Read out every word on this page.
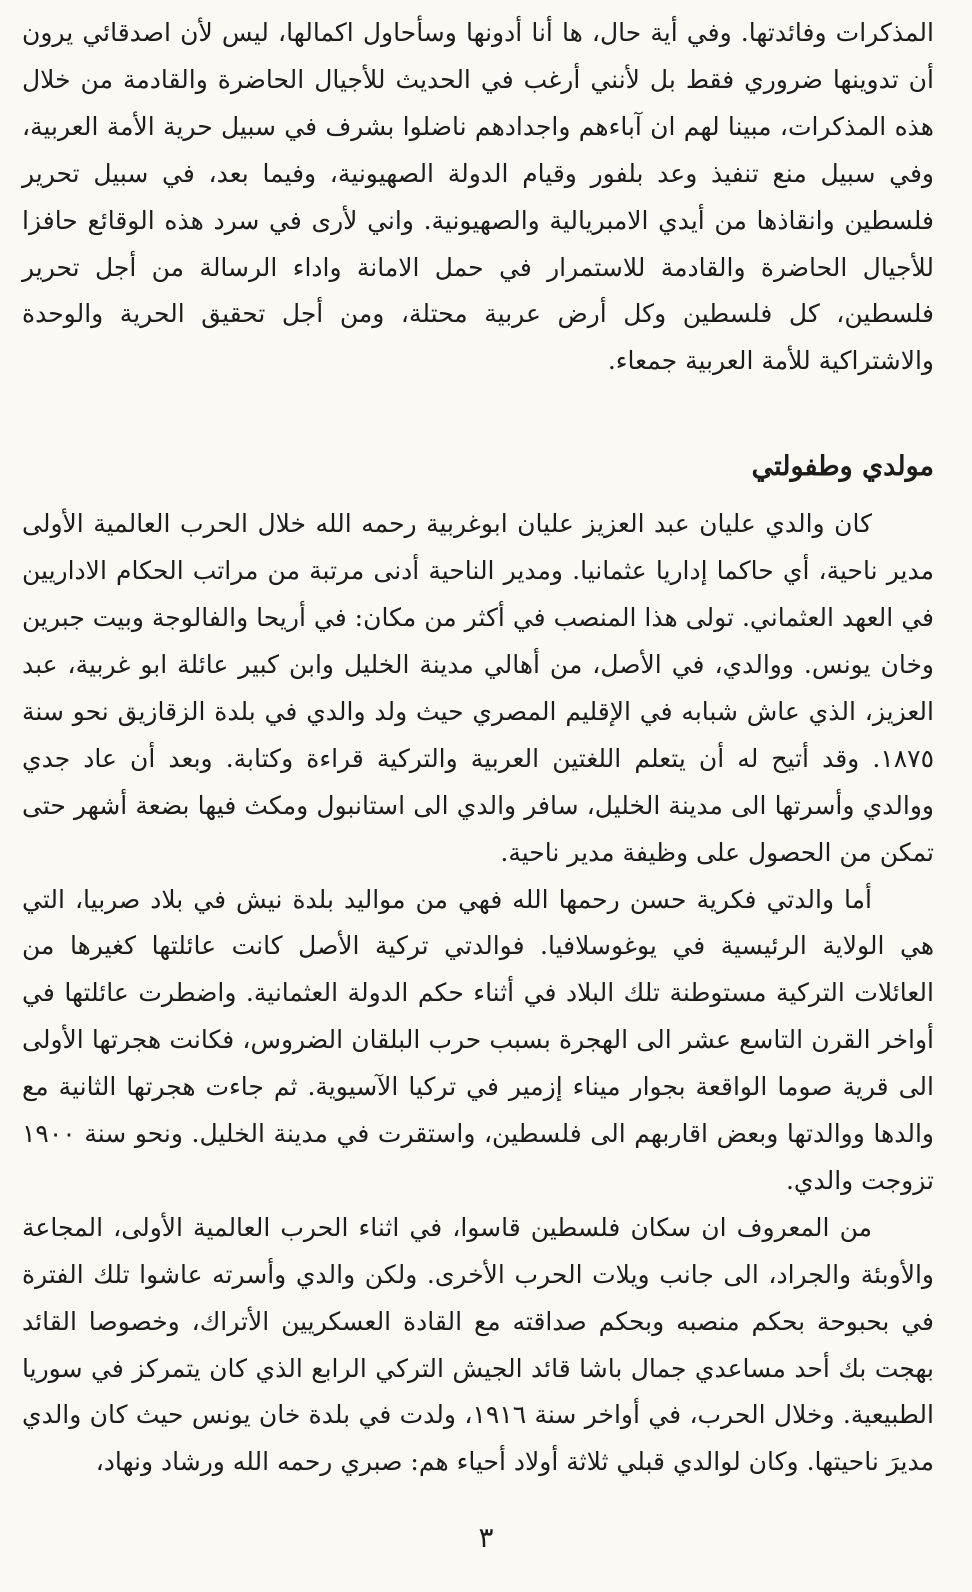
المذكرات وفائدتها. وفي أية حال، ها أنا أدونها وسأحاول اكمالها، ليس لأن اصدقائي يرون أن تدوينها ضروري فقط بل لأنني أرغب في الحديث للأجيال الحاضرة والقادمة من خلال هذه المذكرات، مبينا لهم ان آباءهم واجدادهم ناضلوا بشرف في سبيل حرية الأمة العربية، وفي سبيل منع تنفيذ وعد بلفور وقيام الدولة الصهيونية، وفيما بعد، في سبيل تحرير فلسطين وانقاذها من أيدي الامبريالية والصهيونية. واني لأرى في سرد هذه الوقائع حافزا للأجيال الحاضرة والقادمة للاستمرار في حمل الامانة واداء الرسالة من أجل تحرير فلسطين، كل فلسطين وكل أرض عربية محتلة، ومن أجل تحقيق الحرية والوحدة والاشتراكية للأمة العربية جمعاء.

مولدي وطفولتي

كان والدي عليان عبد العزيز عليان ابوغربية رحمه الله خلال الحرب العالمية الأولى مدير ناحية، أي حاكما إداريا عثمانيا. ومدير الناحية أدنى مرتبة من مراتب الحكام الاداريين في العهد العثماني. تولى هذا المنصب في أكثر من مكان: في أريحا والفالوجة وبيت جبرين وخان يونس. ووالدي، في الأصل، من أهالي مدينة الخليل وابن كبير عائلة ابو غربية، عبد العزيز، الذي عاش شبابه في الإقليم المصري حيث ولد والدي في بلدة الزقازيق نحو سنة ١٨٧٥. وقد أتيح له أن يتعلم اللغتين العربية والتركية قراءة وكتابة. وبعد أن عاد جدي ووالدي وأسرتها الى مدينة الخليل، سافر والدي الى استانبول ومكث فيها بضعة أشهر حتى تمكن من الحصول على وظيفة مدير ناحية.

أما والدتي فكرية حسن رحمها الله فهي من مواليد بلدة نيش في بلاد صربيا، التي هي الولاية الرئيسية في يوغوسلافيا. فوالدتي تركية الأصل كانت عائلتها كغيرها من العائلات التركية مستوطنة تلك البلاد في أثناء حكم الدولة العثمانية. واضطرت عائلتها في أواخر القرن التاسع عشر الى الهجرة بسبب حرب البلقان الضروس، فكانت هجرتها الأولى الى قرية صوما الواقعة بجوار ميناء إزمير في تركيا الآسيوية. ثم جاءت هجرتها الثانية مع والدها ووالدتها وبعض اقاربهم الى فلسطين، واستقرت في مدينة الخليل. ونحو سنة ١٩٠٠ تزوجت والدي.

من المعروف ان سكان فلسطين قاسوا، في اثناء الحرب العالمية الأولى، المجاعة والأوبئة والجراد، الى جانب ويلات الحرب الأخرى. ولكن والدي وأسرته عاشوا تلك الفترة في بحبوحة بحكم منصبه وبحكم صداقته مع القادة العسكريين الأتراك، وخصوصا القائد بهجت بك أحد مساعدي جمال باشا قائد الجيش التركي الرابع الذي كان يتمركز في سوريا الطبيعية. وخلال الحرب، في أواخر سنة ١٩١٦، ولدت في بلدة خان يونس حيث كان والدي مديرَ ناحيتها. وكان لوالدي قبلي ثلاثة أولاد أحياء هم: صبري رحمه الله ورشاد ونهاد،

٣
